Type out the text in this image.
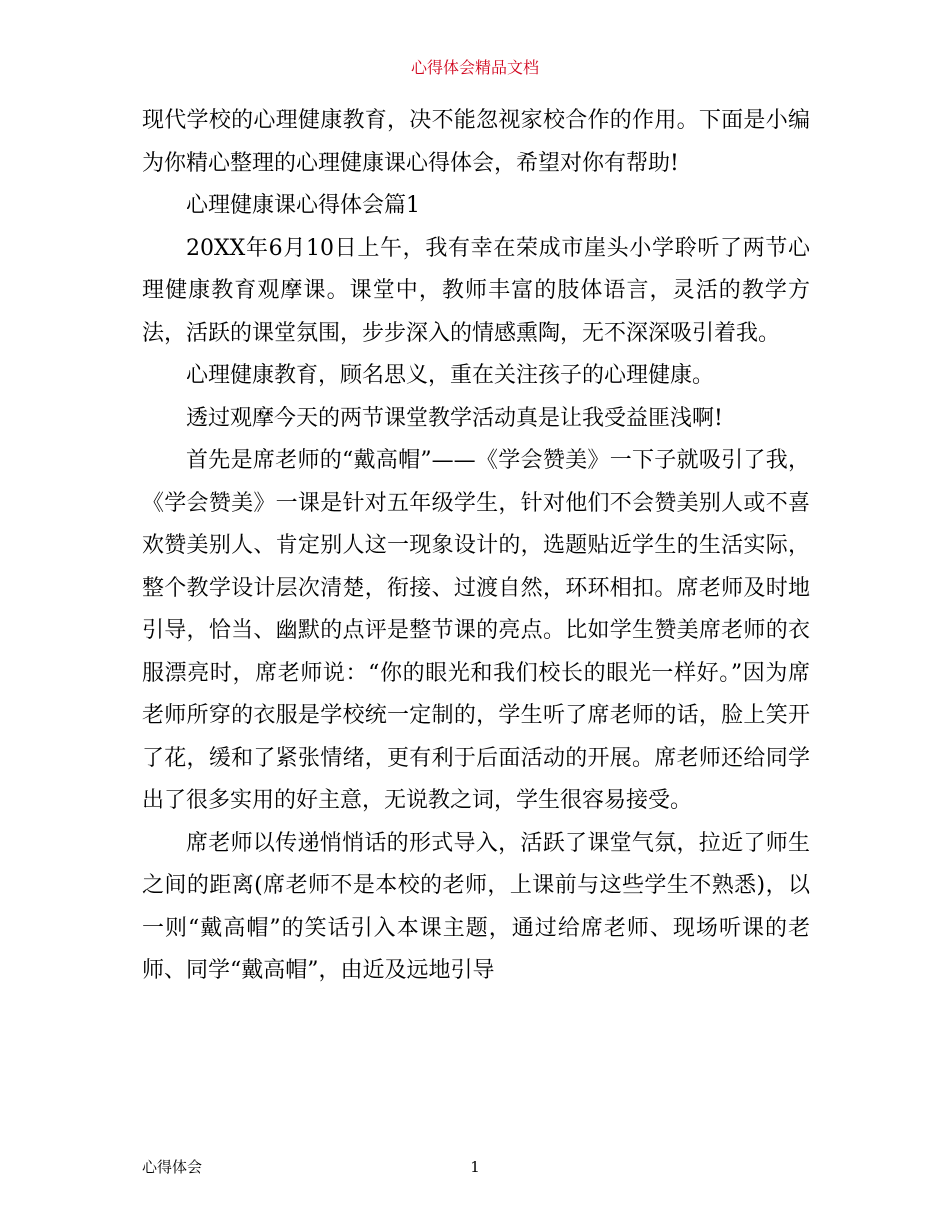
心得体会精品文档

现代学校的心理健康教育，决不能忽视家校合作的作用。下面是小编为你精心整理的心理健康课心得体会，希望对你有帮助!

心理健康课心得体会篇1

20XX年6月10日上午，我有幸在荣成市崖头小学聆听了两节心理健康教育观摩课。课堂中，教师丰富的肢体语言，灵活的教学方法，活跃的课堂氛围，步步深入的情感熏陶，无不深深吸引着我。

心理健康教育，顾名思义，重在关注孩子的心理健康。

透过观摩今天的两节课堂教学活动真是让我受益匪浅啊!

首先是席老师的“戴高帽”——《学会赞美》一下子就吸引了我，《学会赞美》一课是针对五年级学生，针对他们不会赞美别人或不喜欢赞美别人、肯定别人这一现象设计的，选题贴近学生的生活实际，整个教学设计层次清楚，衔接、过渡自然，环环相扣。席老师及时地引导，恰当、幽默的点评是整节课的亮点。比如学生赞美席老师的衣服漂亮时，席老师说：“你的眼光和我们校长的眼光一样好。”因为席老师所穿的衣服是学校统一定制的，学生听了席老师的话，脸上笑开了花，缓和了紧张情绪，更有利于后面活动的开展。席老师还给同学出了很多实用的好主意，无说教之词，学生很容易接受。

席老师以传递悄悄话的形式导入，活跃了课堂气氛，拉近了师生之间的距离(席老师不是本校的老师，上课前与这些学生不熟悉)，以一则“戴高帽”的笑话引入本课主题，通过给席老师、现场听课的老师、同学“戴高帽”，由近及远地引导

心得体会	1
